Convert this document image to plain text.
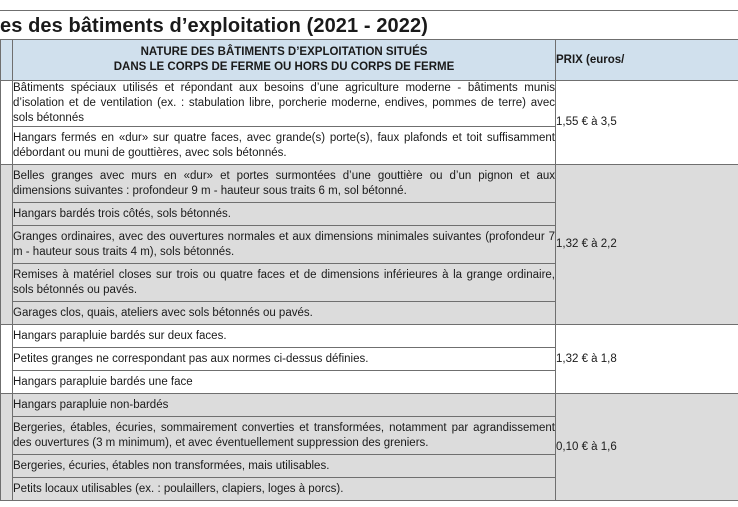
es des bâtiments d’exploitation (2021 - 2022)

	NATURE DES BÂTIMENTS D’EXPLOITATION SITUÉS
DANS LE CORPS DE FERME OU HORS DU CORPS DE FERME	PRIX (euros/
	Bâtiments spéciaux utilisés et répondant aux besoins d’une agriculture moderne - bâtiments munis d’isolation et de ventilation (ex. : stabulation libre, porcherie moderne, endives, pommes de terre) avec sols bétonnés	1,55 € à 3,5
	Hangars fermés en «dur» sur quatre faces, avec grande(s) porte(s), faux plafonds et toit suffisamment débordant ou muni de gouttières, avec sols bétonnés.	
	Belles granges avec murs en «dur» et portes surmontées d’une gouttière ou d’un pignon et aux dimensions suivantes : profondeur 9 m - hauteur sous traits 6 m, sol bétonné.	1,32 € à 2,2
	Hangars bardés trois côtés, sols bétonnés.	
	Granges ordinaires, avec des ouvertures normales et aux dimensions minimales suivantes (profondeur 7 m - hauteur sous traits 4 m), sols bétonnés.	
	Remises à matériel closes sur trois ou quatre faces et de dimensions inférieures à la grange ordinaire, sols bétonnés ou pavés.	
	Garages clos, quais, ateliers avec sols bétonnés ou pavés.	
	Hangars parapluie bardés sur deux faces.	1,32 € à 1,8
	Petites granges ne correspondant pas aux normes ci-dessus définies.	
	Hangars parapluie bardés une face	
	Hangars parapluie non-bardés	0,10 € à 1,6
	Bergeries, étables, écuries, sommairement converties et transformées, notamment par agrandissement des ouvertures (3 m minimum), et avec éventuellement suppression des greniers.	
	Bergeries, écuries, étables non transformées, mais utilisables.	
	Petits locaux utilisables (ex. : poulaillers, clapiers, loges à porcs).	
